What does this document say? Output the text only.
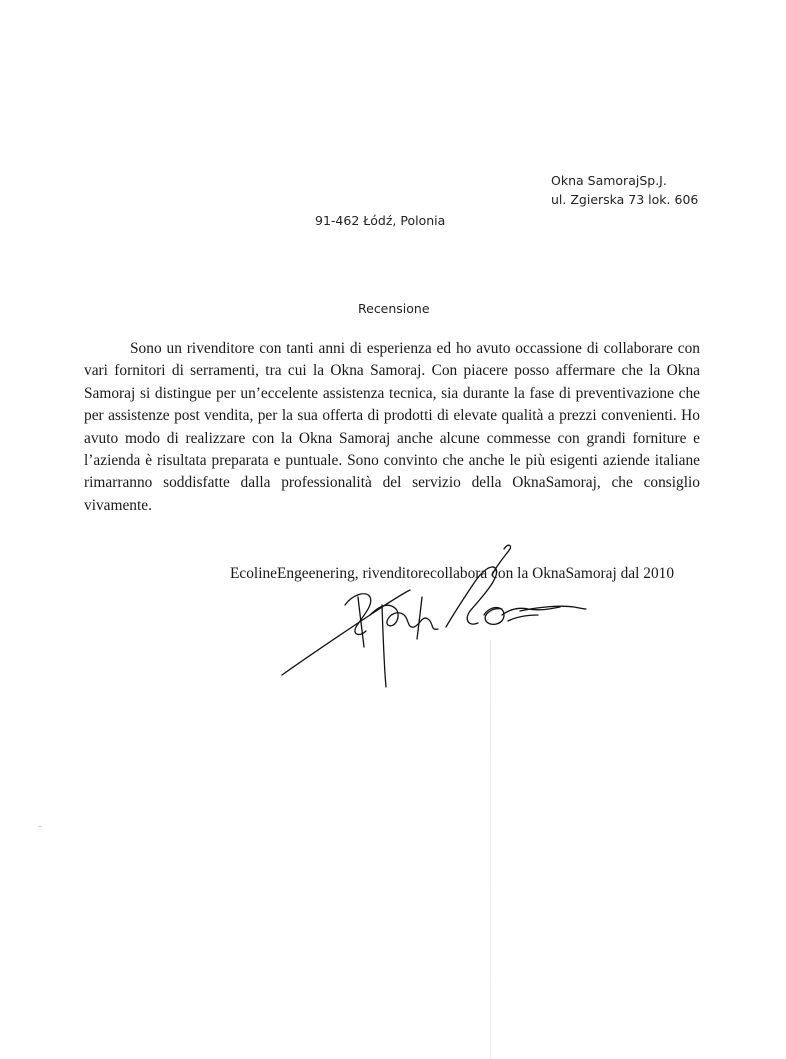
Okna SamorajSp.J.
ul. Zgierska 73 lok. 606
91-462 Łódź, Polonia
Recensione

Sono un rivenditore con tanti anni di esperienza ed ho avuto occassione di collaborare con vari fornitori di serramenti, tra cui la Okna Samoraj. Con piacere posso affermare che la Okna Samoraj si distingue per un’eccelente assistenza tecnica, sia durante la fase di preventivazione che per assistenze post vendita, per la sua offerta di prodotti di elevate qualità a prezzi convenienti. Ho avuto modo di realizzare con la Okna Samoraj anche alcune commesse con grandi forniture e l’azienda è risultata preparata e puntuale. Sono convinto che anche le più esigenti aziende italiane rimarranno soddisfatte dalla professionalità del servizio della OknaSamoraj, che consiglio vivamente.

EcolineEngeenering, rivenditorecollabora con la OknaSamoraj dal 2010
